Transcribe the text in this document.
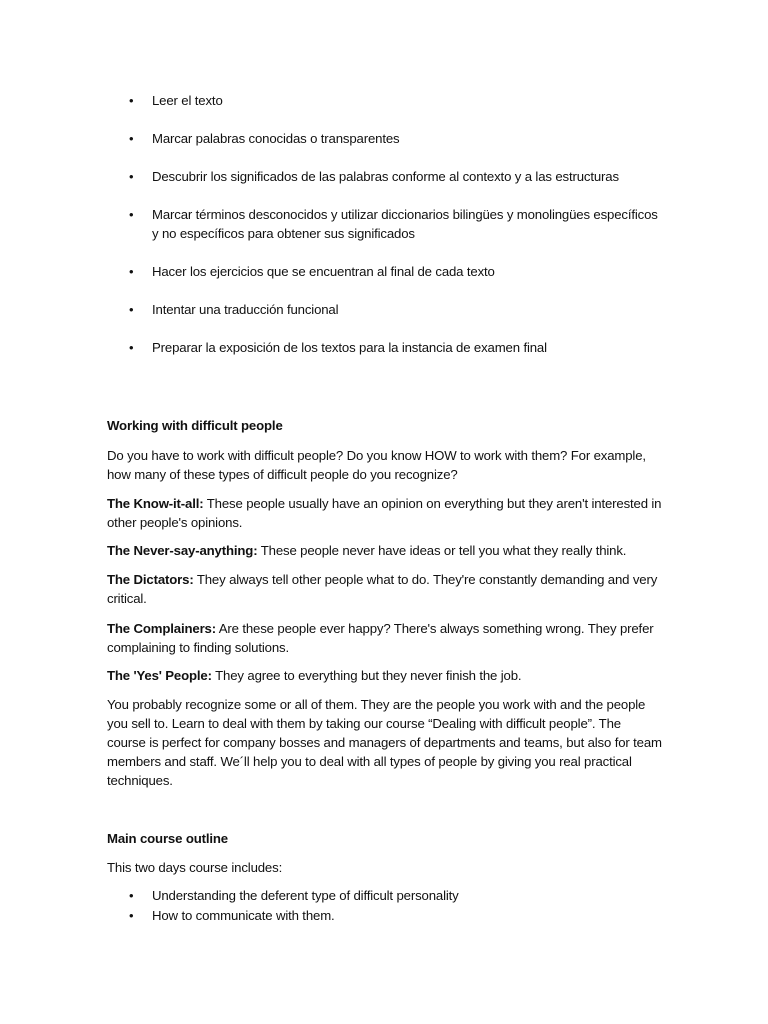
• Leer el texto
• Marcar palabras conocidas o transparentes
• Descubrir los significados de las palabras conforme al contexto y a las estructuras
• Marcar términos desconocidos y utilizar diccionarios bilingües y monolingües específicos y no específicos para obtener sus significados
• Hacer los ejercicios que se encuentran al final de cada texto
• Intentar una traducción funcional
• Preparar la exposición de los textos para la instancia de examen final
Working with difficult people

Do you have to work with difficult people? Do you know HOW to work with them? For example, how many of these types of difficult people do you recognize?

The Know-it-all: These people usually have an opinion on everything but they aren't interested in other people's opinions.

The Never-say-anything: These people never have ideas or tell you what they really think.

The Dictators: They always tell other people what to do. They're constantly demanding and very critical.

The Complainers: Are these people ever happy? There's always something wrong. They prefer complaining to finding solutions.

The 'Yes' People: They agree to everything but they never finish the job.

You probably recognize some or all of them. They are the people you work with and the people you sell to. Learn to deal with them by taking our course “Dealing with difficult people”. The course is perfect for company bosses and managers of departments and teams, but also for team members and staff. We´ll help you to deal with all types of people by giving you real practical techniques.

Main course outline

This two days course includes:

• Understanding the deferent type of difficult personality
• How to communicate with them.
